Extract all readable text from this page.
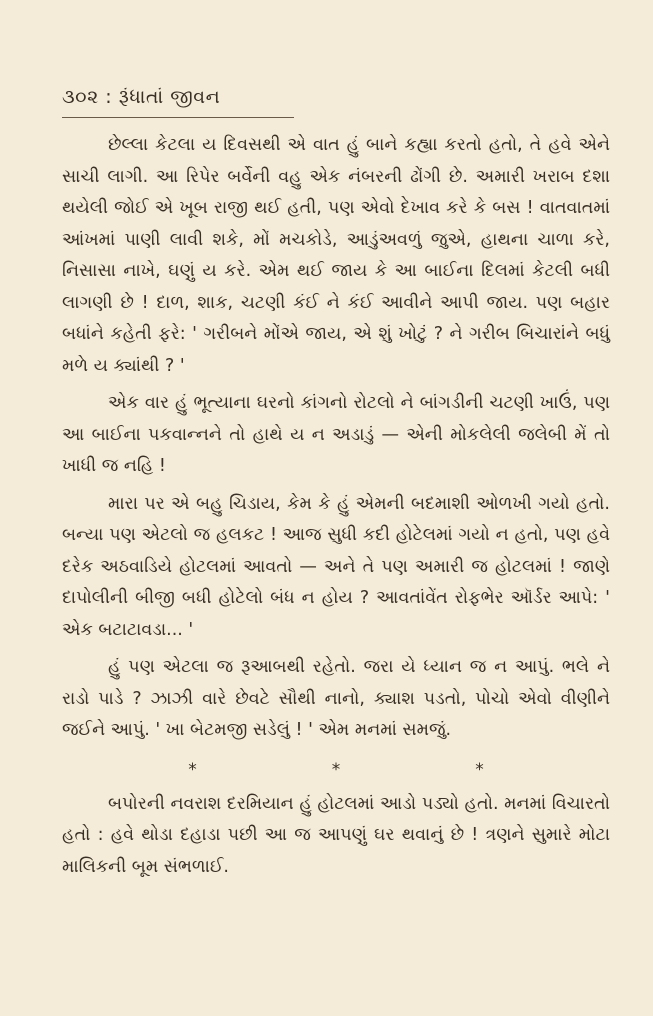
૩૦૨ : રૂંધાતાં જીવન

છેલ્લા કેટલા ય દિવસથી એ વાત હું બાને કહ્યા કરતો હતો, તે હવે એને સાચી લાગી. આ રિપેર બર્વેની વહુ એક નંબરની ઢોંગી છે. અમારી ખરાબ દશા થયેલી જોઈ એ ખૂબ રાજી થઈ હતી, પણ એવો દેખાવ કરે કે બસ ! વાતવાતમાં આંખમાં પાણી લાવી શકે, મોં મચકોડે, આડુંઅવળું જુએ, હાથના ચાળા કરે, નિસાસા નાખે, ઘણું ય કરે. એમ થઈ જાય કે આ બાઈના દિલમાં કેટલી બધી લાગણી છે ! દાળ, શાક, ચટણી કંઈ ને કંઈ આવીને આપી જાય. પણ બહાર બધાંને કહેતી ફરે: ' ગરીબને મોંએ જાય, એ શું ખોટું ? ને ગરીબ બિચારાંને બધું મળે ય ક્યાંથી ? '

એક વાર હું ભૂત્યાના ઘરનો કાંગનો રોટલો ને બાંગડીની ચટણી ખાઉં, પણ આ બાઈના પકવાન્નને તો હાથે ય ન અડાડું — એની મોકલેલી જલેબી મેં તો ખાધી જ નહિ !

મારા પર એ બહુ ચિડાય, કેમ કે હું એમની બદમાશી ઓળખી ગયો હતો. બન્યા પણ એટલો જ હલકટ ! આજ સુધી કદી હોટેલમાં ગયો ન હતો, પણ હવે દરેક અઠવાડિયે હોટલમાં આવતો — અને તે પણ અમારી જ હોટલમાં ! જાણે દાપોલીની બીજી બધી હોટેલો બંધ ન હોય ? આવતાંવેંત રોફભેર ઑર્ડર આપે: ' એક બટાટાવડા... '

હું પણ એટલા જ રૂઆબથી રહેતો. જરા યે ધ્યાન જ ન આપું. ભલે ને રાડો પાડે ? ઝાઝી વારે છેવટે સૌથી નાનો, ક્યાશ પડતો, પોચો એવો વીણીને જઈને આપું. ' ખા બેટમજી સડેલું ! ' એમ મનમાં સમજું.

*	*	*

બપોરની નવરાશ દરમિયાન હું હોટલમાં આડો પડ્યો હતો. મનમાં વિચારતો હતો : હવે થોડા દહાડા પછી આ જ આપણું ઘર થવાનું છે ! ત્રણને સુમારે મોટા માલિકની બૂમ સંભળાઈ.
